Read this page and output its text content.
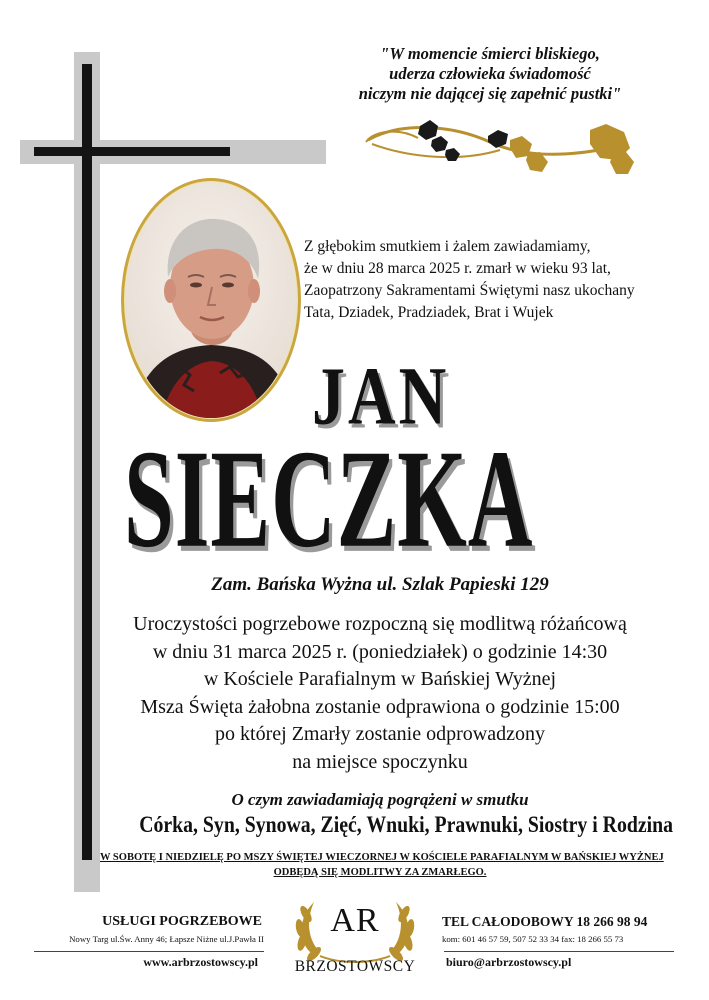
"W momencie śmierci bliskiego,
uderza człowieka świadomość
niczym nie dającej się zapełnić pustki"
Z głębokim smutkiem i żalem zawiadamiamy,
że w dniu 28 marca 2025 r. zmarł w wieku 93 lat,
Zaopatrzony Sakramentami Świętymi nasz ukochany
Tata, Dziadek, Pradziadek, Brat i Wujek
JAN
SIECZKA
Zam. Bańska Wyżna ul. Szlak Papieski 129
Uroczystości pogrzebowe rozpoczną się modlitwą różańcową
w dniu 31 marca 2025 r. (poniedziałek) o godzinie 14:30
w Kościele Parafialnym w Bańskiej Wyżnej
Msza Święta żałobna zostanie odprawiona o godzinie 15:00
po której Zmarły zostanie odprowadzony
na miejsce spoczynku
O czym zawiadamiają pogrążeni w smutku
Córka, Syn, Synowa, Zięć, Wnuki, Prawnuki, Siostry i Rodzina
W SOBOTĘ I NIEDZIELĘ PO MSZY ŚWIĘTEJ WIECZORNEJ W KOŚCIELE PARAFIALNYM W BAŃSKIEJ WYŻNEJ
ODBĘDĄ SIĘ MODLITWY ZA ZMARŁEGO.
USŁUGI POGRZEBOWE
Nowy Targ ul.Św. Anny 46; Łapsze Niżne ul.J.Pawła II
www.arbrzostowscy.pl
AR
BRZOSTOWSCY
TEL CAŁODOBOWY 18 266 98 94
kom: 601 46 57 59, 507 52 33 34 fax: 18 266 55 73
biuro@arbrzostowscy.pl
